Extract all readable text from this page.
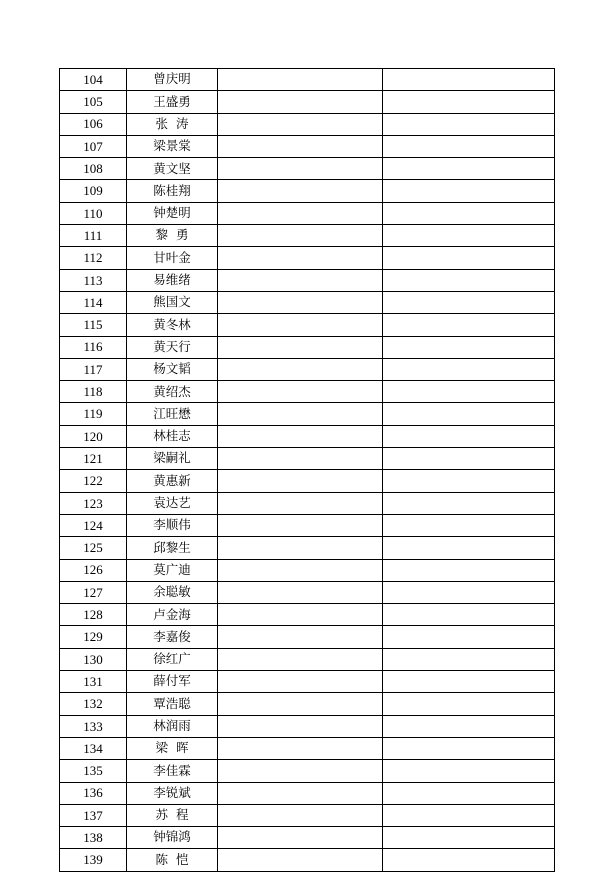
104	曾庆明		
105	王盛勇		
106	张  涛		
107	梁景棠		
108	黄文坚		
109	陈桂翔		
110	钟楚明		
111	黎  勇		
112	甘叶金		
113	易维绪		
114	熊国文		
115	黄冬林		
116	黄天行		
117	杨文韬		
118	黄绍杰		
119	江旺懋		
120	林桂志		
121	梁嗣礼		
122	黄惠新		
123	袁达艺		
124	李顺伟		
125	邱黎生		
126	莫广迪		
127	余聪敏		
128	卢金海		
129	李嘉俊		
130	徐红广		
131	薛付军		
132	覃浩聪		
133	林润雨		
134	梁  晖		
135	李佳霖		
136	李锐斌		
137	苏  程		
138	钟锦鸿		
139	陈  恺		
